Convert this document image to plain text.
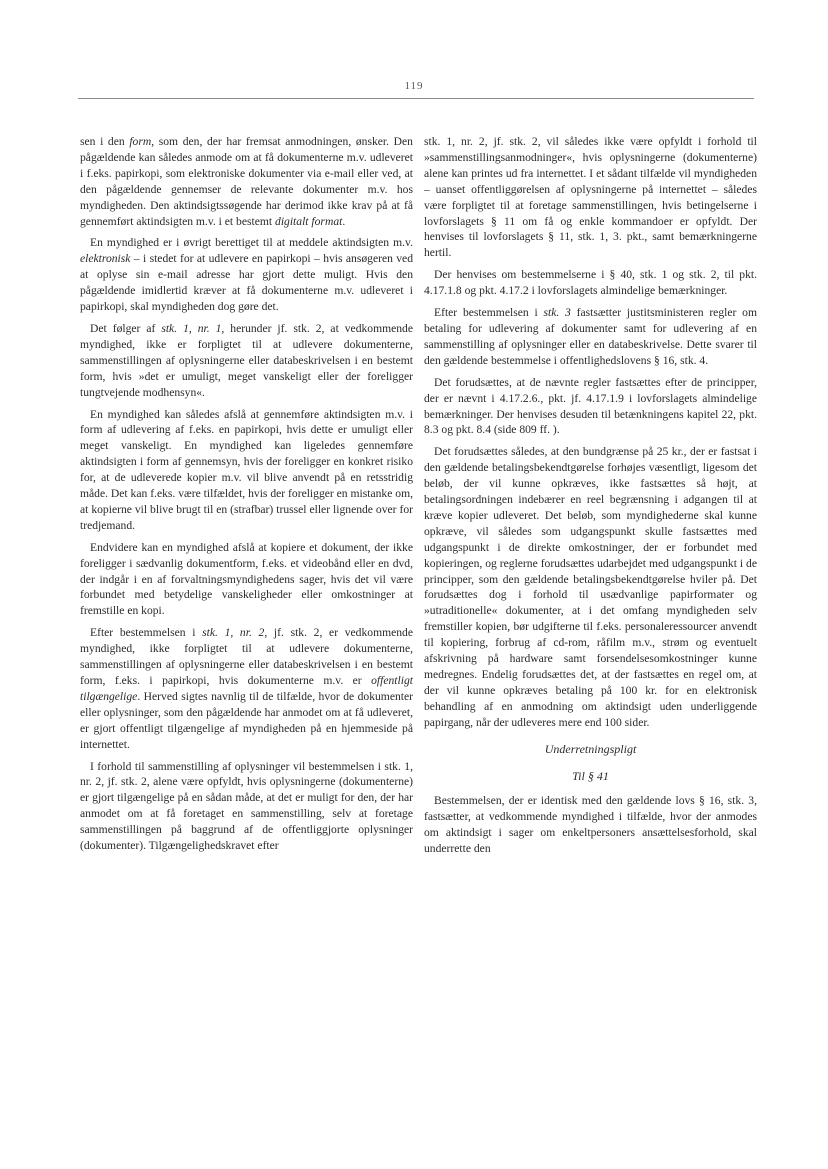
119

sen i den form, som den, der har fremsat anmodningen, ønsker. Den pågældende kan således anmode om at få dokumenterne m.v. udleveret i f.eks. papirkopi, som elektroniske dokumenter via e-mail eller ved, at den pågældende gennemser de relevante dokumenter m.v. hos myndigheden. Den aktindsigtssøgende har derimod ikke krav på at få gennemført aktindsigten m.v. i et bestemt digitalt format.

En myndighed er i øvrigt berettiget til at meddele aktindsigten m.v. elektronisk – i stedet for at udlevere en papirkopi – hvis ansøgeren ved at oplyse sin e-mail adresse har gjort dette muligt. Hvis den pågældende imidlertid kræver at få dokumenterne m.v. udleveret i papirkopi, skal myndigheden dog gøre det.

Det følger af stk. 1, nr. 1, herunder jf. stk. 2, at vedkommende myndighed, ikke er forpligtet til at udlevere dokumenterne, sammenstillingen af oplysningerne eller databeskrivelsen i en bestemt form, hvis »det er umuligt, meget vanskeligt eller der foreligger tungtvejende modhensyn«.

En myndighed kan således afslå at gennemføre aktindsigten m.v. i form af udlevering af f.eks. en papirkopi, hvis dette er umuligt eller meget vanskeligt. En myndighed kan ligeledes gennemføre aktindsigten i form af gennemsyn, hvis der foreligger en konkret risiko for, at de udleverede kopier m.v. vil blive anvendt på en retsstridig måde. Det kan f.eks. være tilfældet, hvis der foreligger en mistanke om, at kopierne vil blive brugt til en (strafbar) trussel eller lignende over for tredjemand.

Endvidere kan en myndighed afslå at kopiere et dokument, der ikke foreligger i sædvanlig dokumentform, f.eks. et videobånd eller en dvd, der indgår i en af forvaltningsmyndighedens sager, hvis det vil være forbundet med betydelige vanskeligheder eller omkostninger at fremstille en kopi.

Efter bestemmelsen i stk. 1, nr. 2, jf. stk. 2, er vedkommende myndighed, ikke forpligtet til at udlevere dokumenterne, sammenstillingen af oplysningerne eller databeskrivelsen i en bestemt form, f.eks. i papirkopi, hvis dokumenterne m.v. er offentligt tilgængelige. Herved sigtes navnlig til de tilfælde, hvor de dokumenter eller oplysninger, som den pågældende har anmodet om at få udleveret, er gjort offentligt tilgængelige af myndigheden på en hjemmeside på internettet.

I forhold til sammenstilling af oplysninger vil bestemmelsen i stk. 1, nr. 2, jf. stk. 2, alene være opfyldt, hvis oplysningerne (dokumenterne) er gjort tilgængelige på en sådan måde, at det er muligt for den, der har anmodet om at få foretaget en sammenstilling, selv at foretage sammenstillingen på baggrund af de offentliggjorte oplysninger (dokumenter). Tilgængelighedskravet efter

stk. 1, nr. 2, jf. stk. 2, vil således ikke være opfyldt i forhold til »sammenstillingsanmodninger«, hvis oplysningerne (dokumenterne) alene kan printes ud fra internettet. I et sådant tilfælde vil myndigheden – uanset offentliggørelsen af oplysningerne på internettet – således være forpligtet til at foretage sammenstillingen, hvis betingelserne i lovforslagets § 11 om få og enkle kommandoer er opfyldt. Der henvises til lovforslagets § 11, stk. 1, 3. pkt., samt bemærkningerne hertil.

Der henvises om bestemmelserne i § 40, stk. 1 og stk. 2, til pkt. 4.17.1.8 og pkt. 4.17.2 i lovforslagets almindelige bemærkninger.

Efter bestemmelsen i stk. 3 fastsætter justitsministeren regler om betaling for udlevering af dokumenter samt for udlevering af en sammenstilling af oplysninger eller en databeskrivelse. Dette svarer til den gældende bestemmelse i offentlighedslovens § 16, stk. 4.

Det forudsættes, at de nævnte regler fastsættes efter de principper, der er nævnt i 4.17.2.6., pkt. jf. 4.17.1.9 i lovforslagets almindelige bemærkninger. Der henvises desuden til betænkningens kapitel 22, pkt. 8.3 og pkt. 8.4 (side 809 ff. ).

Det forudsættes således, at den bundgrænse på 25 kr., der er fastsat i den gældende betalingsbekendtgørelse forhøjes væsentligt, ligesom det beløb, der vil kunne opkræves, ikke fastsættes så højt, at betalingsordningen indebærer en reel begrænsning i adgangen til at kræve kopier udleveret. Det beløb, som myndighederne skal kunne opkræve, vil således som udgangspunkt skulle fastsættes med udgangspunkt i de direkte omkostninger, der er forbundet med kopieringen, og reglerne forudsættes udarbejdet med udgangspunkt i de principper, som den gældende betalingsbekendtgørelse hviler på. Det forudsættes dog i forhold til usædvanlige papirformater og »utraditionelle« dokumenter, at i det omfang myndigheden selv fremstiller kopien, bør udgifterne til f.eks. personaleressourcer anvendt til kopiering, forbrug af cd-rom, råfilm m.v., strøm og eventuelt afskrivning på hardware samt forsendelsesomkostninger kunne medregnes. Endelig forudsættes det, at der fastsættes en regel om, at der vil kunne opkræves betaling på 100 kr. for en elektronisk behandling af en anmodning om aktindsigt uden underliggende papirgang, når der udleveres mere end 100 sider.

Underretningspligt

Til § 41

Bestemmelsen, der er identisk med den gældende lovs § 16, stk. 3, fastsætter, at vedkommende myndighed i tilfælde, hvor der anmodes om aktindsigt i sager om enkeltpersoners ansættelsesforhold, skal underrette den
